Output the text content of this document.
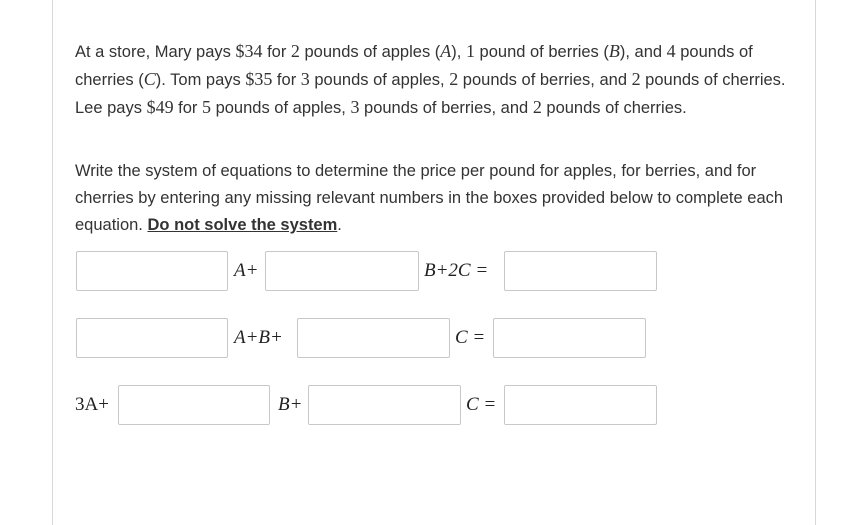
At a store, Mary pays $34 for 2 pounds of apples (A), 1 pound of berries (B), and 4 pounds of cherries (C). Tom pays $35 for 3 pounds of apples, 2 pounds of berries, and 2 pounds of cherries. Lee pays $49 for 5 pounds of apples, 3 pounds of berries, and 2 pounds of cherries.

Write the system of equations to determine the price per pound for apples, for berries, and for cherries by entering any missing relevant numbers in the boxes provided below to complete each equation. Do not solve the system.

A+	B+2C =
A+B+	C =
3A+	B+	C =
